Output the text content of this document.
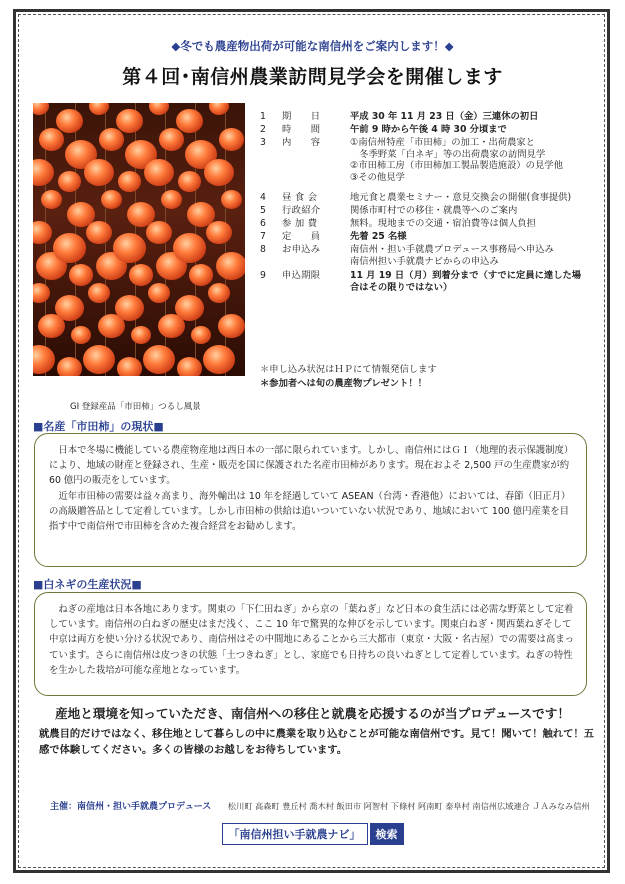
◆冬でも農産物出荷が可能な南信州をご案内します！◆
第４回･南信州農業訪問見学会を開催します
GI 登録産品「市田柿」つるし風景
1	期　　日	平成 30 年 11 月 23 日（金）三連休の初日
2	時　　間	午前 9 時から午後 4 時 30 分頃まで
3	内　　容	①南信州特産「市田柿」の加工・出荷農家と
　冬季野菜「白ネギ」等の出荷農家の訪問見学
②市田柿工房（市田柿加工製品製造施設）の見学他
③その他見学
4	昼 食 会	地元食と農業セミナー・意見交換会の開催(食事提供)
5	行政紹介	関係市町村での移住・就農等へのご案内
6	参 加 費	無料。現地までの交通・宿泊費等は個人負担
7	定　　員	先着 25 名様
8	お申込み	南信州・担い手就農プロデュース事務局へ申込み
南信州担い手就農ナビからの申込み
9	申込期限	11 月 19 日（月）到着分まで（すでに定員に達した場
合はその限りではない）
＊申し込み状況はＨＰにて情報発信します
＊参加者へは旬の農産物プレゼント！！
■名産「市田柿」の現状■

日本で冬場に機能している農産物産地は西日本の一部に限られています。しかし、南信州にはＧＩ（地理的表示保護制度）により、地域の財産と登録され、生産・販売を国に保護された名産市田柿があります。現在およそ 2,500 戸の生産農家が約 60 億円の販売をしています。

近年市田柿の需要は益々高まり、海外輸出は 10 年を経過していて ASEAN（台湾・香港他）においては、春節（旧正月）の高級贈答品として定着しています。しかし市田柿の供給は追いついていない状況であり、地域において 100 億円産業を目指す中で南信州で市田柿を含めた複合経営をお勧めします。

■白ネギの生産状況■

ねぎの産地は日本各地にあります。関東の「下仁田ねぎ」から京の「葉ねぎ」など日本の食生活には必需な野菜として定着しています。南信州の白ねぎの歴史はまだ浅く、ここ 10 年で驚異的な伸びを示しています。関東白ねぎ・関西葉ねぎそして中京は両方を使い分ける状況であり、南信州はその中間地にあることから三大都市（東京・大阪・名古屋）での需要は高まっています。さらに南信州は皮つきの状態「土つきねぎ」とし、家庭でも日持ちの良いねぎとして定着しています。ねぎの特性を生かした栽培が可能な産地となっています。

産地と環境を知っていただき、南信州への移住と就農を応援するのが当プロデュースです！
就農目的だけではなく、移住地として暮らしの中に農業を取り込むことが可能な南信州です。見て！聞いて！触れて！五感で体験してください。多くの皆様のお越しをお待ちしています。
主催：南信州・担い手就農プロデュース 松川町 高森町 豊丘村 喬木村 飯田市 阿智村 下條村 阿南町 泰阜村 南信州広域連合 ＪＡみなみ信州
「南信州担い手就農ナビ」 検索
